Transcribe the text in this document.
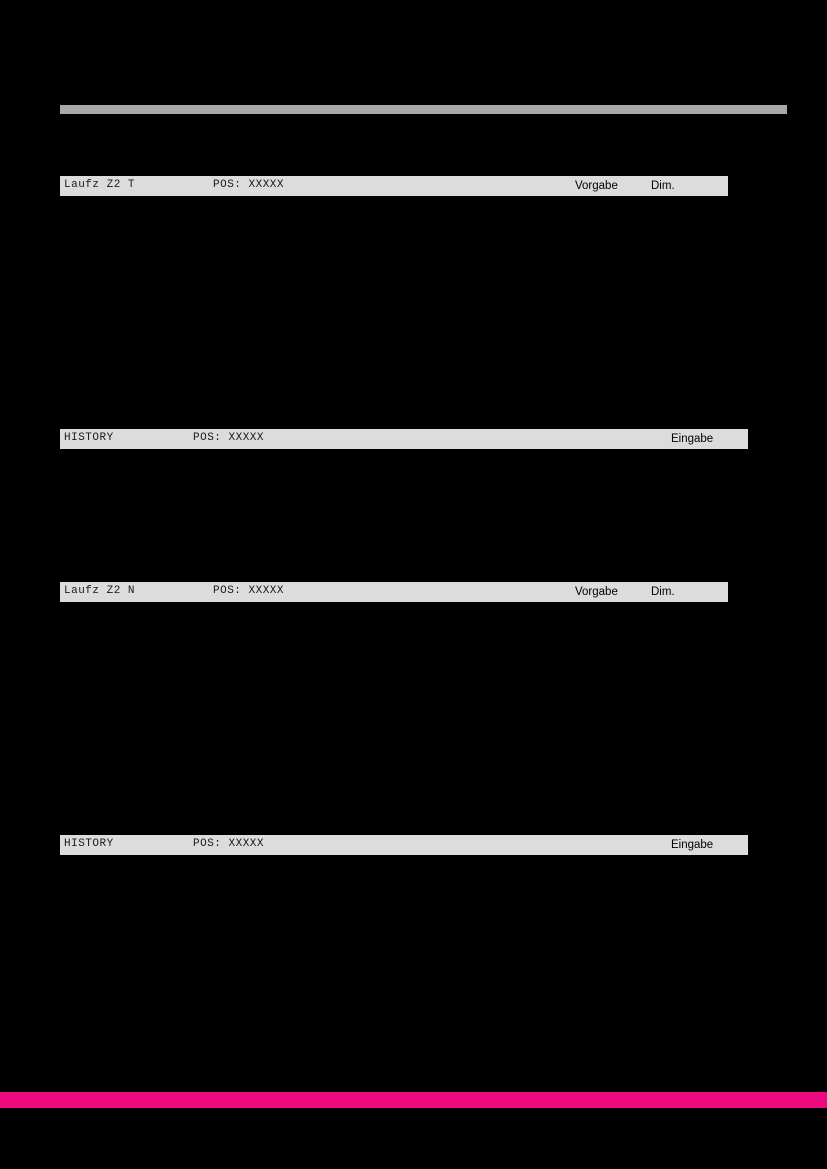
Laufz Z2 T	POS: XXXXX	Vorgabe	Dim.
HISTORY	POS: XXXXX	Eingabe
Laufz Z2 N	POS: XXXXX	Vorgabe	Dim.
HISTORY	POS: XXXXX	Eingabe
